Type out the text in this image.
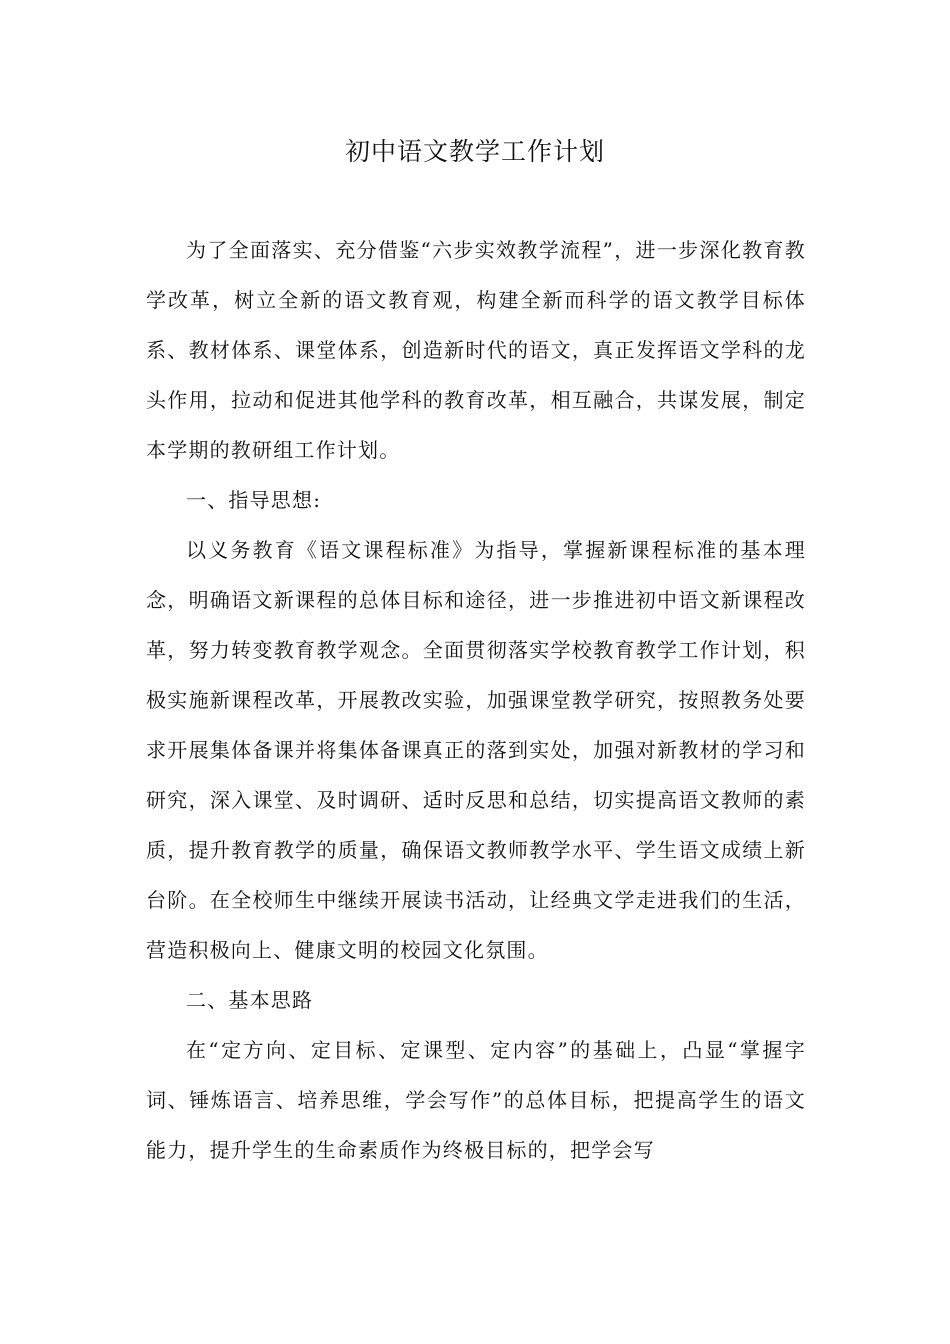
初中语文教学工作计划

为了全面落实、充分借鉴“六步实效教学流程”，进一步深化教育教学改革，树立全新的语文教育观，构建全新而科学的语文教学目标体系、教材体系、课堂体系，创造新时代的语文，真正发挥语文学科的龙头作用，拉动和促进其他学科的教育改革，相互融合，共谋发展，制定本学期的教研组工作计划。

一、指导思想:

以义务教育《语文课程标准》为指导，掌握新课程标准的基本理念，明确语文新课程的总体目标和途径，进一步推进初中语文新课程改革，努力转变教育教学观念。全面贯彻落实学校教育教学工作计划，积极实施新课程改革，开展教改实验，加强课堂教学研究，按照教务处要求开展集体备课并将集体备课真正的落到实处，加强对新教材的学习和研究，深入课堂、及时调研、适时反思和总结，切实提高语文教师的素质，提升教育教学的质量，确保语文教师教学水平、学生语文成绩上新台阶。在全校师生中继续开展读书活动，让经典文学走进我们的生活，营造积极向上、健康文明的校园文化氛围。

二、基本思路

在“定方向、定目标、定课型、定内容”的基础上，凸显“掌握字词、锤炼语言、培养思维，学会写作”的总体目标，把提高学生的语文能力，提升学生的生命素质作为终极目标的，把学会写
